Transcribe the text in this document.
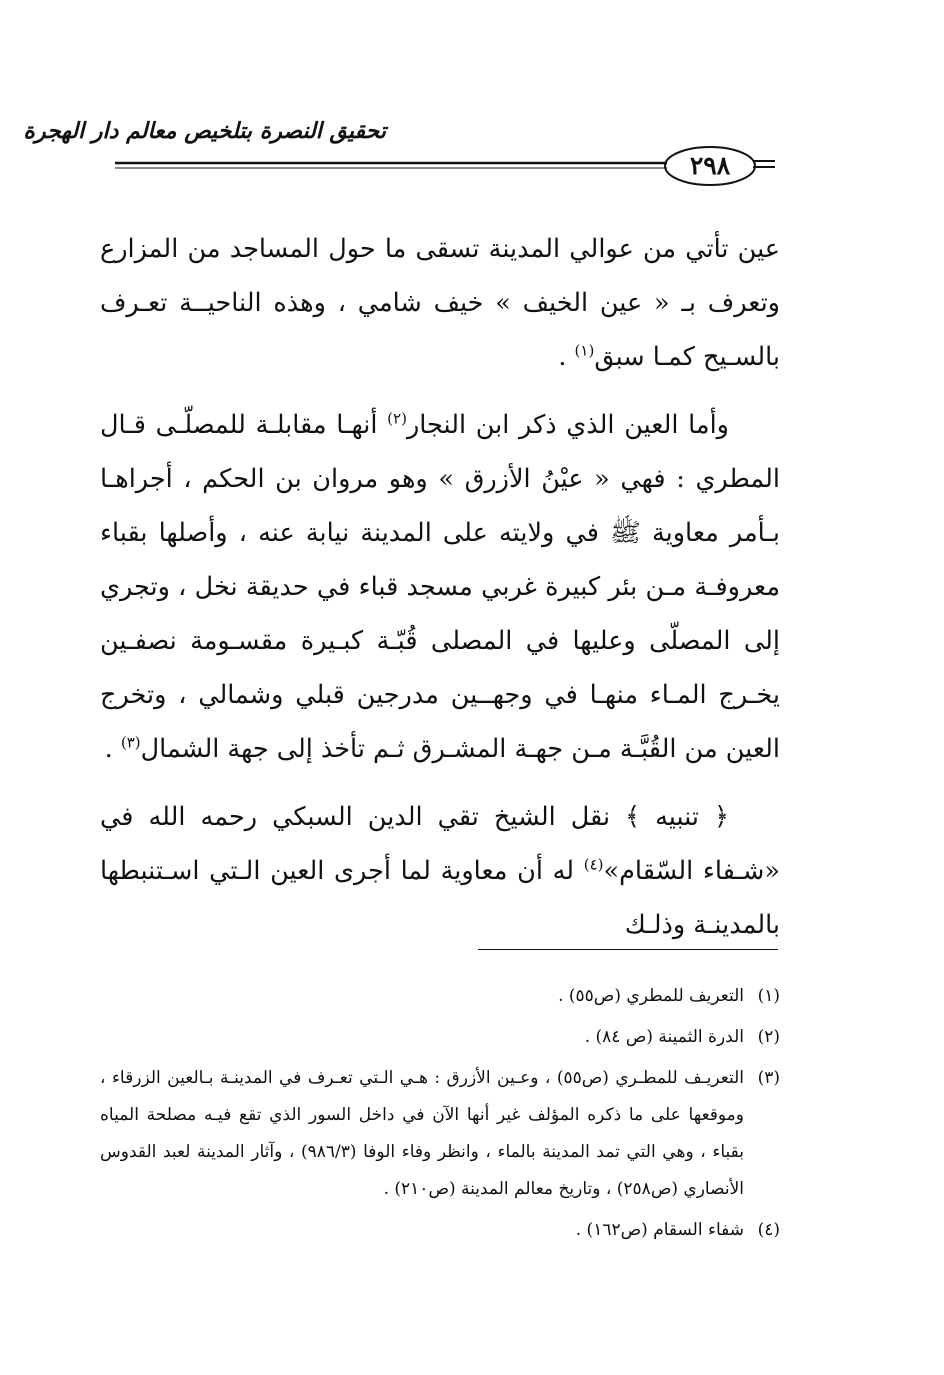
تحقيق النصرة بتلخيص معالم دار الهجرة
٢٩٨

عين تأتي من عوالي المدينة تسقى ما حول المساجد من المزارع وتعرف بـ « عين الخيف » خيف شامي ، وهذه الناحيــة تعـرف بالسـيح كمـا سبق$^{(١)}$ .

وأما العين الذي ذكر ابن النجار$^{(٢)}$ أنهـا مقابلـة للمصلّـى قـال المطري : فهي « عيْنُ الأزرق » وهو مروان بن الحكم ، أجراهـا بـأمر معاوية ﷺ في ولايته على المدينة نيابة عنه ، وأصلها بقباء معروفـة مـن بئر كبيرة غربي مسجد قباء في حديقة نخل ، وتجري إلى المصلّى وعليها في المصلى قُبّـة كبـيرة مقسـومة نصفـين يخـرج المـاء منهـا في وجهــين مدرجين قبلي وشمالي ، وتخرج العين من القُبَّـة مـن جهـة المشـرق ثـم تأخذ إلى جهة الشمال$^{(٣)}$ .

﴿ تنبيه ﴾ نقل الشيخ تقي الدين السبكي رحمه الله في «شـفاء السّقام»$^{(٤)}$ له أن معاوية لما أجرى العين الـتي اسـتنبطها بالمدينـة وذلـك

(١)
التعريف للمطري (ص٥٥) .
(٢)
الدرة الثمينة (ص ٨٤) .
(٣)
التعريـف للمطـري (ص٥٥) ، وعـين الأزرق : هـي الـتي تعـرف في المدينـة بـالعين الزرقاء ، وموقعها على ما ذكره المؤلف غير أنها الآن في داخل السور الذي تقع فيـه مصلحة المياه بقباء ، وهي التي تمد المدينة بالماء ، وانظر وفاء الوفا (٩٨٦/٣) ، وآثار المدينة لعبد القدوس الأنصاري (ص٢٥٨) ، وتاريخ معالم المدينة (ص٢١٠) .
(٤)
شفاء السقام (ص١٦٢) .
